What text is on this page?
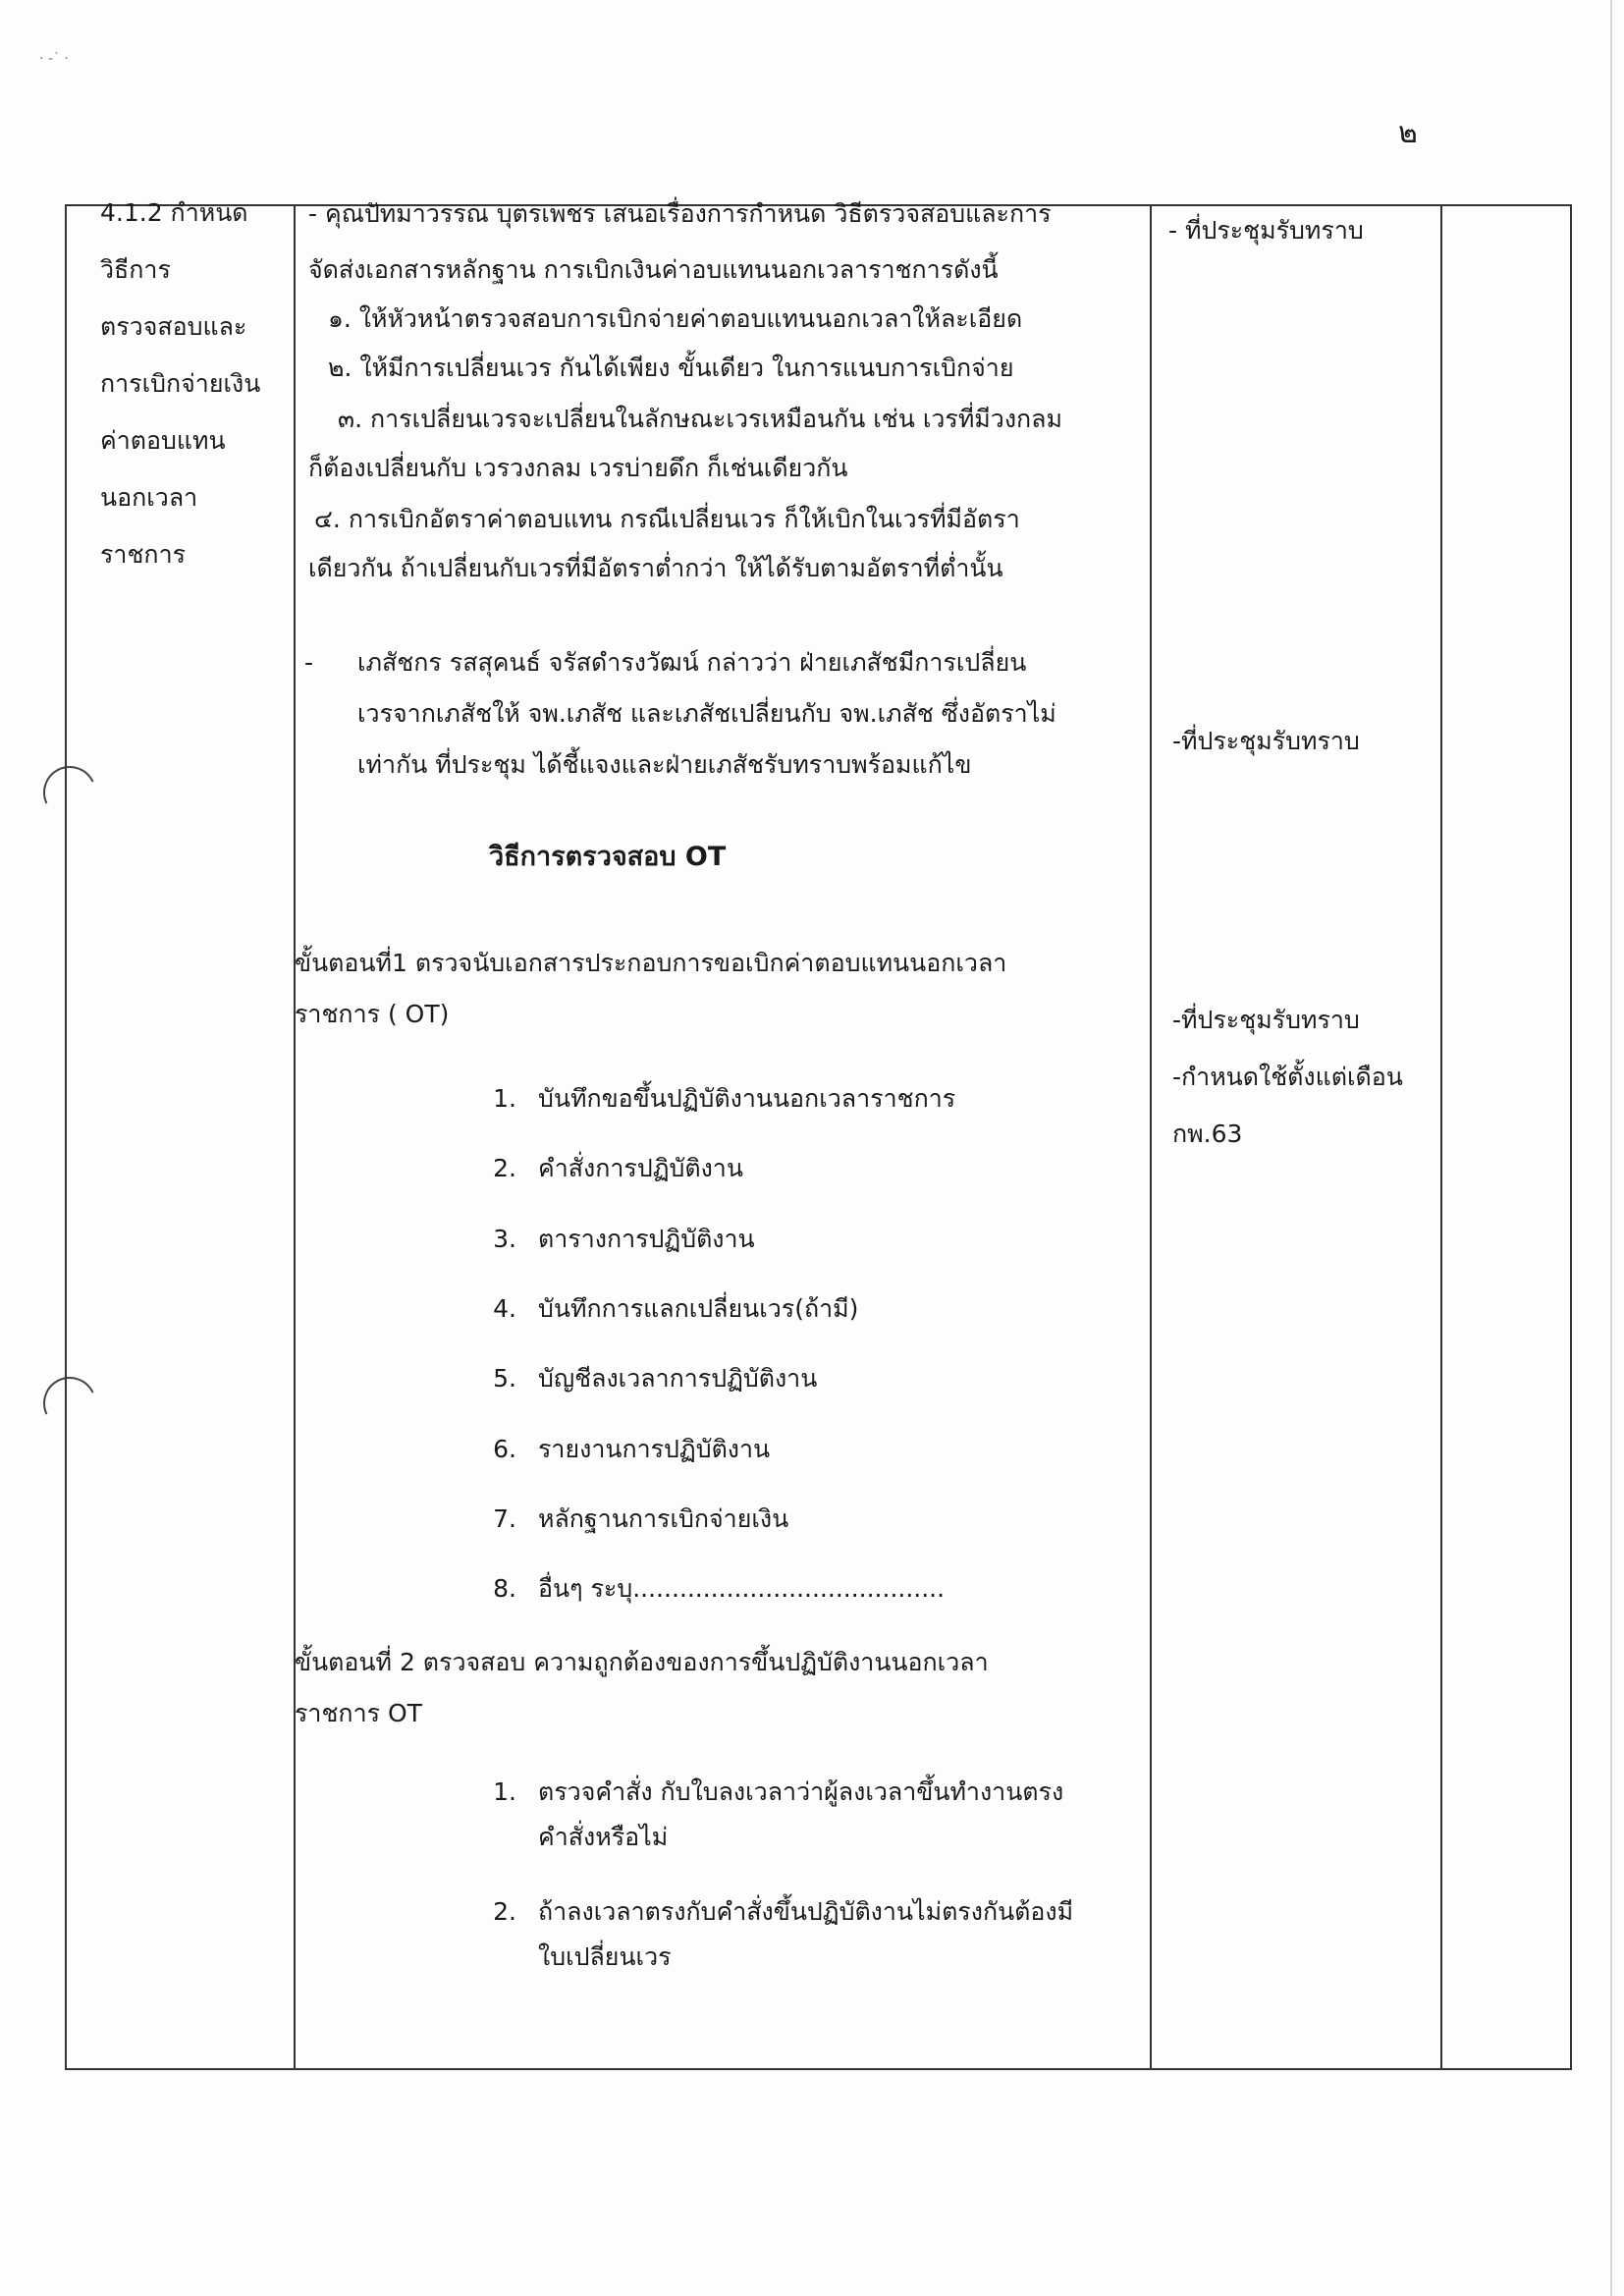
· ‐˙ ·
๒
4.1.2 กำหนด
วิธีการ
ตรวจสอบและ
การเบิกจ่ายเงิน
ค่าตอบแทน
นอกเวลา
ราชการ
- คุณปัทมาวรรณ บุตรเพชร เสนอเรื่องการกำหนด วิธีตรวจสอบและการ
จัดส่งเอกสารหลักฐาน การเบิกเงินค่าอบแทนนอกเวลาราชการดังนี้
๑. ให้หัวหน้าตรวจสอบการเบิกจ่ายค่าตอบแทนนอกเวลาให้ละเอียด
๒. ให้มีการเปลี่ยนเวร กันได้เพียง ขั้นเดียว ในการแนบการเบิกจ่าย
๓. การเปลี่ยนเวรจะเปลี่ยนในลักษณะเวรเหมือนกัน เช่น เวรที่มีวงกลม
ก็ต้องเปลี่ยนกับ เวรวงกลม เวรบ่ายดึก ก็เช่นเดียวกัน
๔. การเบิกอัตราค่าตอบแทน กรณีเปลี่ยนเวร ก็ให้เบิกในเวรที่มีอัตรา
เดียวกัน ถ้าเปลี่ยนกับเวรที่มีอัตราต่ำกว่า ให้ได้รับตามอัตราที่ต่ำนั้น
- เภสัชกร รสสุคนธ์ จรัสดำรงวัฒน์ กล่าวว่า ฝ่ายเภสัชมีการเปลี่ยน
เวรจากเภสัชให้ จพ.เภสัช และเภสัชเปลี่ยนกับ จพ.เภสัช ซึ่งอัตราไม่
เท่ากัน ที่ประชุม ได้ชี้แจงและฝ่ายเภสัชรับทราบพร้อมแก้ไข
วิธีการตรวจสอบ OT
ขั้นตอนที่1 ตรวจนับเอกสารประกอบการขอเบิกค่าตอบแทนนอกเวลา
ราชการ ( OT)
1. บันทึกขอขึ้นปฏิบัติงานนอกเวลาราชการ
2. คำสั่งการปฏิบัติงาน
3. ตารางการปฏิบัติงาน
4. บันทึกการแลกเปลี่ยนเวร(ถ้ามี)
5. บัญชีลงเวลาการปฏิบัติงาน
6. รายงานการปฏิบัติงาน
7. หลักฐานการเบิกจ่ายเงิน
8. อื่นๆ ระบุ........................................
ขั้นตอนที่ 2 ตรวจสอบ ความถูกต้องของการขึ้นปฏิบัติงานนอกเวลา
ราชการ OT
1. ตรวจคำสั่ง กับใบลงเวลาว่าผู้ลงเวลาขึ้นทำงานตรง
คำสั่งหรือไม่
2. ถ้าลงเวลาตรงกับคำสั่งขึ้นปฏิบัติงานไม่ตรงกันต้องมี
ใบเปลี่ยนเวร
- ที่ประชุมรับทราบ
-ที่ประชุมรับทราบ
-ที่ประชุมรับทราบ
-กำหนดใช้ตั้งแต่เดือน
กพ.63
